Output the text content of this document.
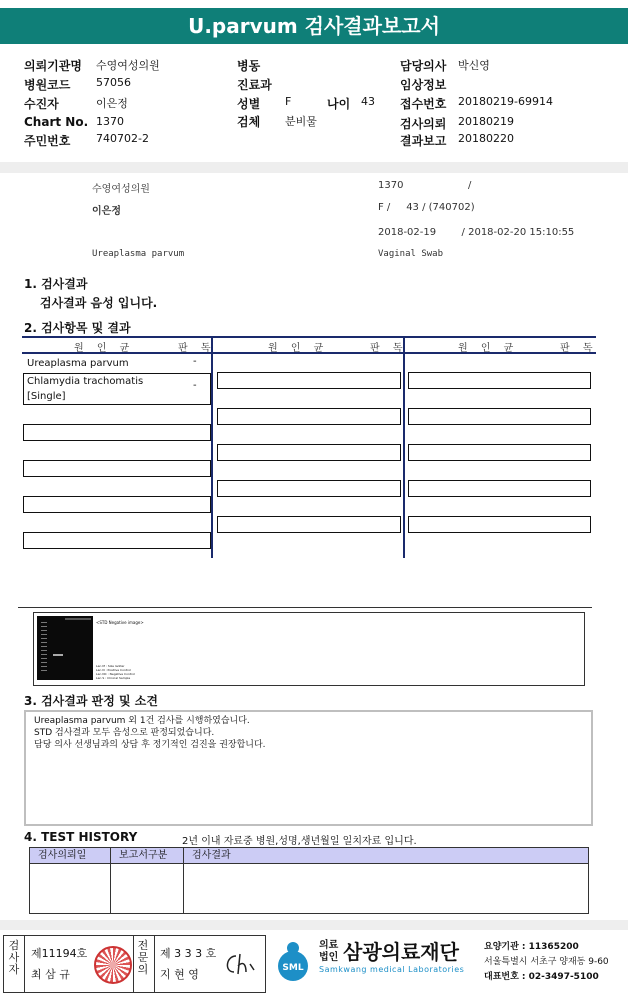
U.parvum 검사결과보고서
의뢰기관명 수영여성의원
병원코드 57056
수진자	이은정
Chart No. 1370
주민번호 740702-2
병동
진료과
성별 F	나이 43
검체 분비물
담당의사 박신영
임상정보
접수번호 20180219-69914
검사의뢰 20180219
결과보고 20180220
수영여성의원	1370	/
이은정	F /     43 / (740702)
2018-02-19        / 2018-02-20 15:10:55
Ureaplasma parvum	Vaginal Swab
1. 검사결과
검사결과 음성 입니다.
2. 검사항목 및 결과
원 인 균	판 독	원 인 균	판 독	원 인 균	판 독
Ureaplasma parvum	-
Chlamydia trachomatis
[Single]
-
<STD Negative image>
Lan M : Size ladder
Lan N : Positive Control
Lan NC : Negative Control
Lan S : Clinical Sample
3. 검사결과 판정 및 소견
Ureaplasma parvum 외 1건 검사를 시행하였습니다.
STD 검사결과 모두 음성으로 판정되었습니다.
담당 의사 선생님과의 상담 후 정기적인 검진을 권장합니다.
4. TEST HISTORY	2년 이내 자료중 병원,성명,생년월일 일치자료 입니다.
검사의뢰일	보고서구분	검사결과
검
사
자
제11194호
최 삼 규
전
문
의
제 3 3 3 호
지 현 영	SML
의료
법인 삼광의료재단
Samkwang medical Laboratories
요양기관 : 11365200
서울특별시 서초구 양재동 9-60
대표번호 : 02-3497-5100
